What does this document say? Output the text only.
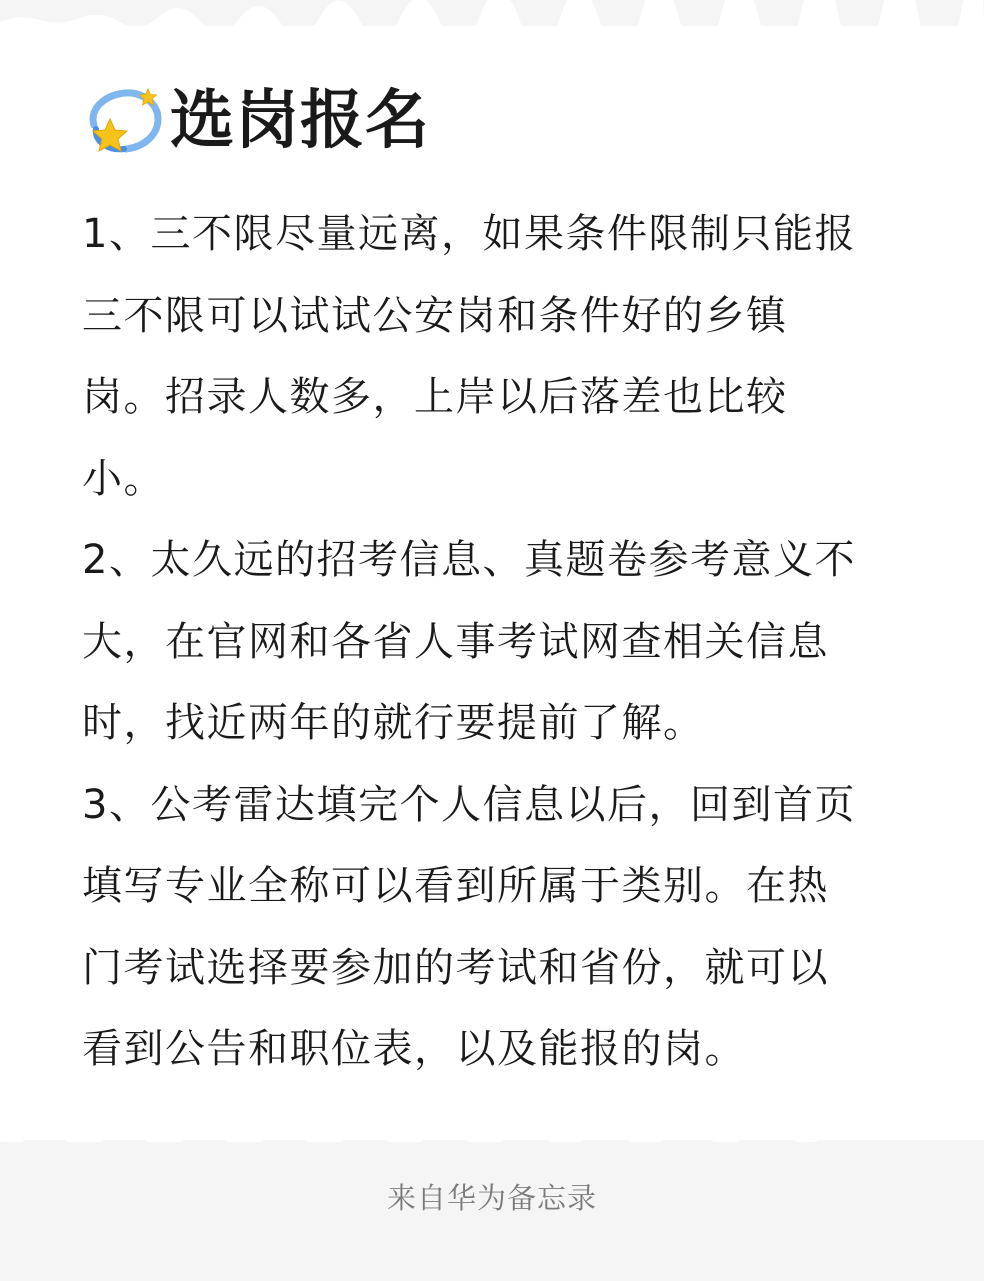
选岗报名
1、三不限尽量远离，如果条件限制只能报
三不限可以试试公安岗和条件好的乡镇
岗。招录人数多，上岸以后落差也比较
小。
2、太久远的招考信息、真题卷参考意义不
大，在官网和各省人事考试网查相关信息
时，找近两年的就行要提前了解。
3、公考雷达填完个人信息以后，回到首页
填写专业全称可以看到所属于类别。在热
门考试选择要参加的考试和省份，就可以
看到公告和职位表，以及能报的岗。
来自华为备忘录
